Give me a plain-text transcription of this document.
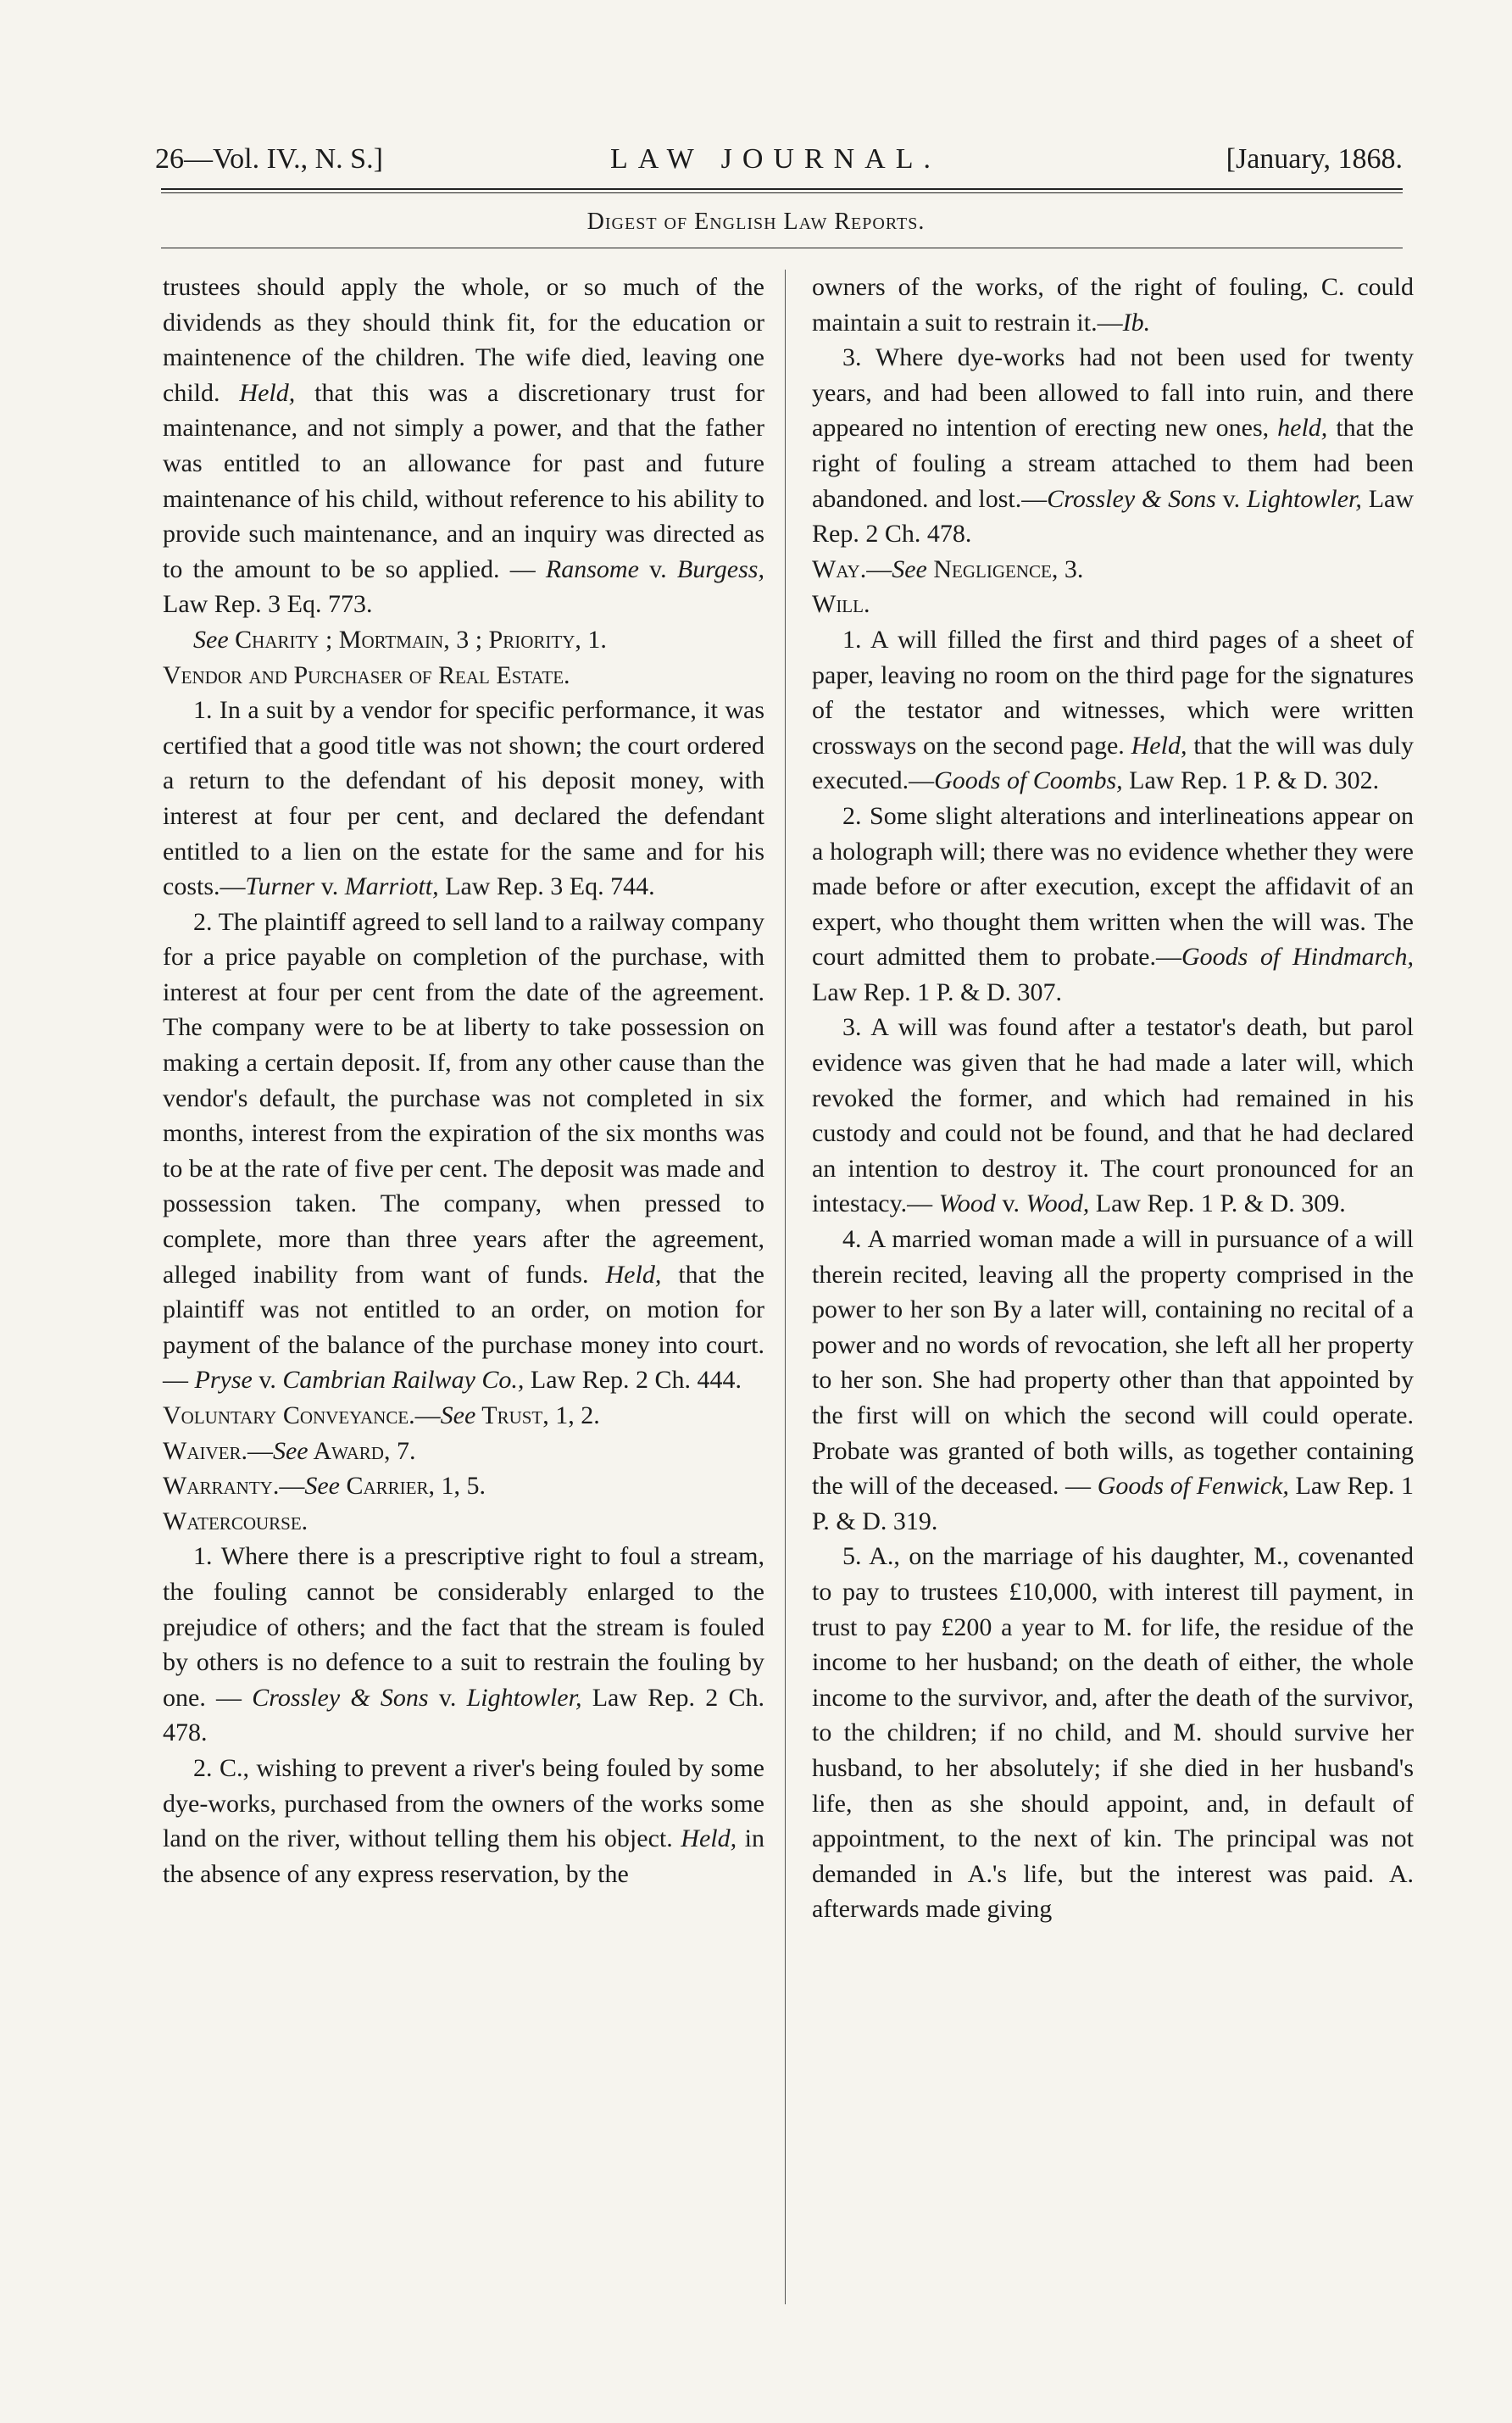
26—Vol. IV., N. S.]	LAW JOURNAL.	[January, 1868.
Digest of English Law Reports.

trustees should apply the whole, or so much of the dividends as they should think fit, for the education or maintenence of the children. The wife died, leaving one child. Held, that this was a discretionary trust for maintenance, and not simply a power, and that the father was entitled to an allowance for past and future maintenance of his child, without reference to his ability to provide such maintenance, and an inquiry was directed as to the amount to be so applied. — Ransome v. Burgess, Law Rep. 3 Eq. 773.

See Charity ; Mortmain, 3 ; Priority, 1.

Vendor and Purchaser of Real Estate.

1. In a suit by a vendor for specific performance, it was certified that a good title was not shown; the court ordered a return to the defendant of his deposit money, with interest at four per cent, and declared the defendant entitled to a lien on the estate for the same and for his costs.—Turner v. Marriott, Law Rep. 3 Eq. 744.

2. The plaintiff agreed to sell land to a railway company for a price payable on completion of the purchase, with interest at four per cent from the date of the agreement. The company were to be at liberty to take possession on making a certain deposit. If, from any other cause than the vendor's default, the purchase was not completed in six months, interest from the expiration of the six months was to be at the rate of five per cent. The deposit was made and possession taken. The company, when pressed to complete, more than three years after the agreement, alleged inability from want of funds. Held, that the plaintiff was not entitled to an order, on motion for payment of the balance of the purchase money into court.— Pryse v. Cambrian Railway Co., Law Rep. 2 Ch. 444.

Voluntary Conveyance.—See Trust, 1, 2.

Waiver.—See Award, 7.

Warranty.—See Carrier, 1, 5.

Watercourse.

1. Where there is a prescriptive right to foul a stream, the fouling cannot be considerably enlarged to the prejudice of others; and the fact that the stream is fouled by others is no defence to a suit to restrain the fouling by one. — Crossley & Sons v. Lightowler, Law Rep. 2 Ch. 478.

2. C., wishing to prevent a river's being fouled by some dye-works, purchased from the owners of the works some land on the river, without telling them his object. Held, in the absence of any express reservation, by the

owners of the works, of the right of fouling, C. could maintain a suit to restrain it.—Ib.

3. Where dye-works had not been used for twenty years, and had been allowed to fall into ruin, and there appeared no intention of erecting new ones, held, that the right of fouling a stream attached to them had been abandoned. and lost.—Crossley & Sons v. Lightowler, Law Rep. 2 Ch. 478.

Way.—See Negligence, 3.

Will.

1. A will filled the first and third pages of a sheet of paper, leaving no room on the third page for the signatures of the testator and witnesses, which were written crossways on the second page. Held, that the will was duly executed.—Goods of Coombs, Law Rep. 1 P. & D. 302.

2. Some slight alterations and interlineations appear on a holograph will; there was no evidence whether they were made before or after execution, except the affidavit of an expert, who thought them written when the will was. The court admitted them to probate.—Goods of Hindmarch, Law Rep. 1 P. & D. 307.

3. A will was found after a testator's death, but parol evidence was given that he had made a later will, which revoked the former, and which had remained in his custody and could not be found, and that he had declared an intention to destroy it. The court pronounced for an intestacy.— Wood v. Wood, Law Rep. 1 P. & D. 309.

4. A married woman made a will in pursuance of a will therein recited, leaving all the property comprised in the power to her son By a later will, containing no recital of a power and no words of revocation, she left all her property to her son. She had property other than that appointed by the first will on which the second will could operate. Probate was granted of both wills, as together containing the will of the deceased. — Goods of Fenwick, Law Rep. 1 P. & D. 319.

5. A., on the marriage of his daughter, M., covenanted to pay to trustees £10,000, with interest till payment, in trust to pay £200 a year to M. for life, the residue of the income to her husband; on the death of either, the whole income to the survivor, and, after the death of the survivor, to the children; if no child, and M. should survive her husband, to her absolutely; if she died in her husband's life, then as she should appoint, and, in default of appointment, to the next of kin. The principal was not demanded in A.'s life, but the interest was paid. A. afterwards made giving
